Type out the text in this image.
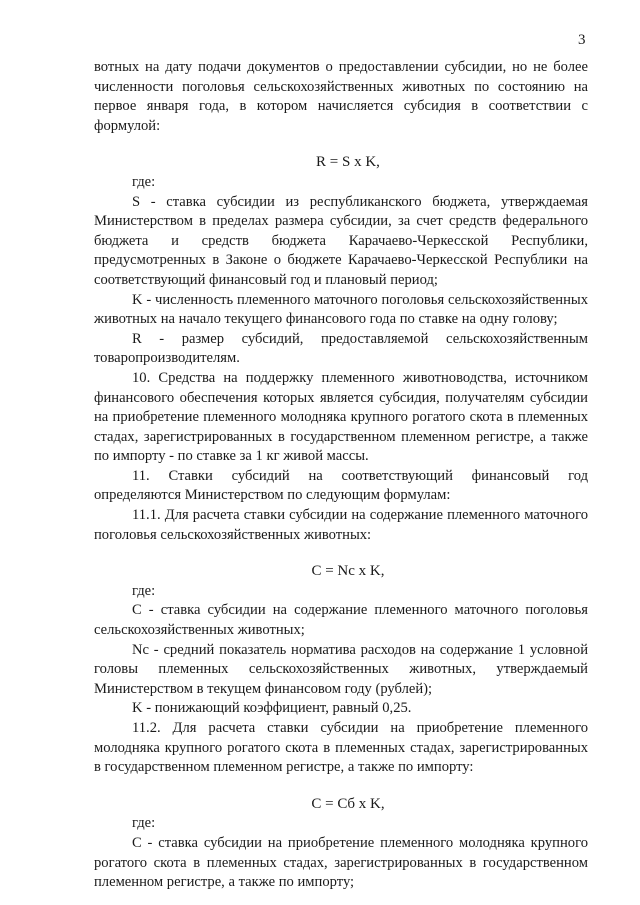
3

вотных на дату подачи документов о предоставлении субсидии, но не более численности поголовья сельскохозяйственных животных по состоянию на первое января года, в котором начисляется субсидия в соответствии с формулой:

R = S x K,

где:

S - ставка субсидии из республиканского бюджета, утверждаемая Министерством в пределах размера субсидии, за счет средств федерального бюджета и средств бюджета Карачаево-Черкесской Республики, предусмотренных в Законе о бюджете Карачаево-Черкесской Республики на соответствующий финансовый год и плановый период;

K - численность племенного маточного поголовья сельскохозяйственных животных на начало текущего финансового года по ставке на одну голову;

R - размер субсидий, предоставляемой сельскохозяйственным товаропроизводителям.

10. Средства на поддержку племенного животноводства, источником финансового обеспечения которых является субсидия, получателям субсидии на приобретение племенного молодняка крупного рогатого скота в племенных стадах, зарегистрированных в государственном племенном регистре, а также по импорту - по ставке за 1 кг живой массы.

11. Ставки субсидий на соответствующий финансовый год определяются Министерством по следующим формулам:

11.1. Для расчета ставки субсидии на содержание племенного маточного поголовья сельскохозяйственных животных:

C = Nc x K,

где:

C - ставка субсидии на содержание племенного маточного поголовья сельскохозяйственных животных;

Nc - средний показатель норматива расходов на содержание 1 условной головы племенных сельскохозяйственных животных, утверждаемый Министерством в текущем финансовом году (рублей);

K - понижающий коэффициент, равный 0,25.

11.2. Для расчета ставки субсидии на приобретение племенного молодняка крупного рогатого скота в племенных стадах, зарегистрированных в государственном племенном регистре, а также по импорту:

C = Cб x K,

где:

C - ставка субсидии на приобретение племенного молодняка крупного рогатого скота в племенных стадах, зарегистрированных в государственном племенном регистре, а также по импорту;
